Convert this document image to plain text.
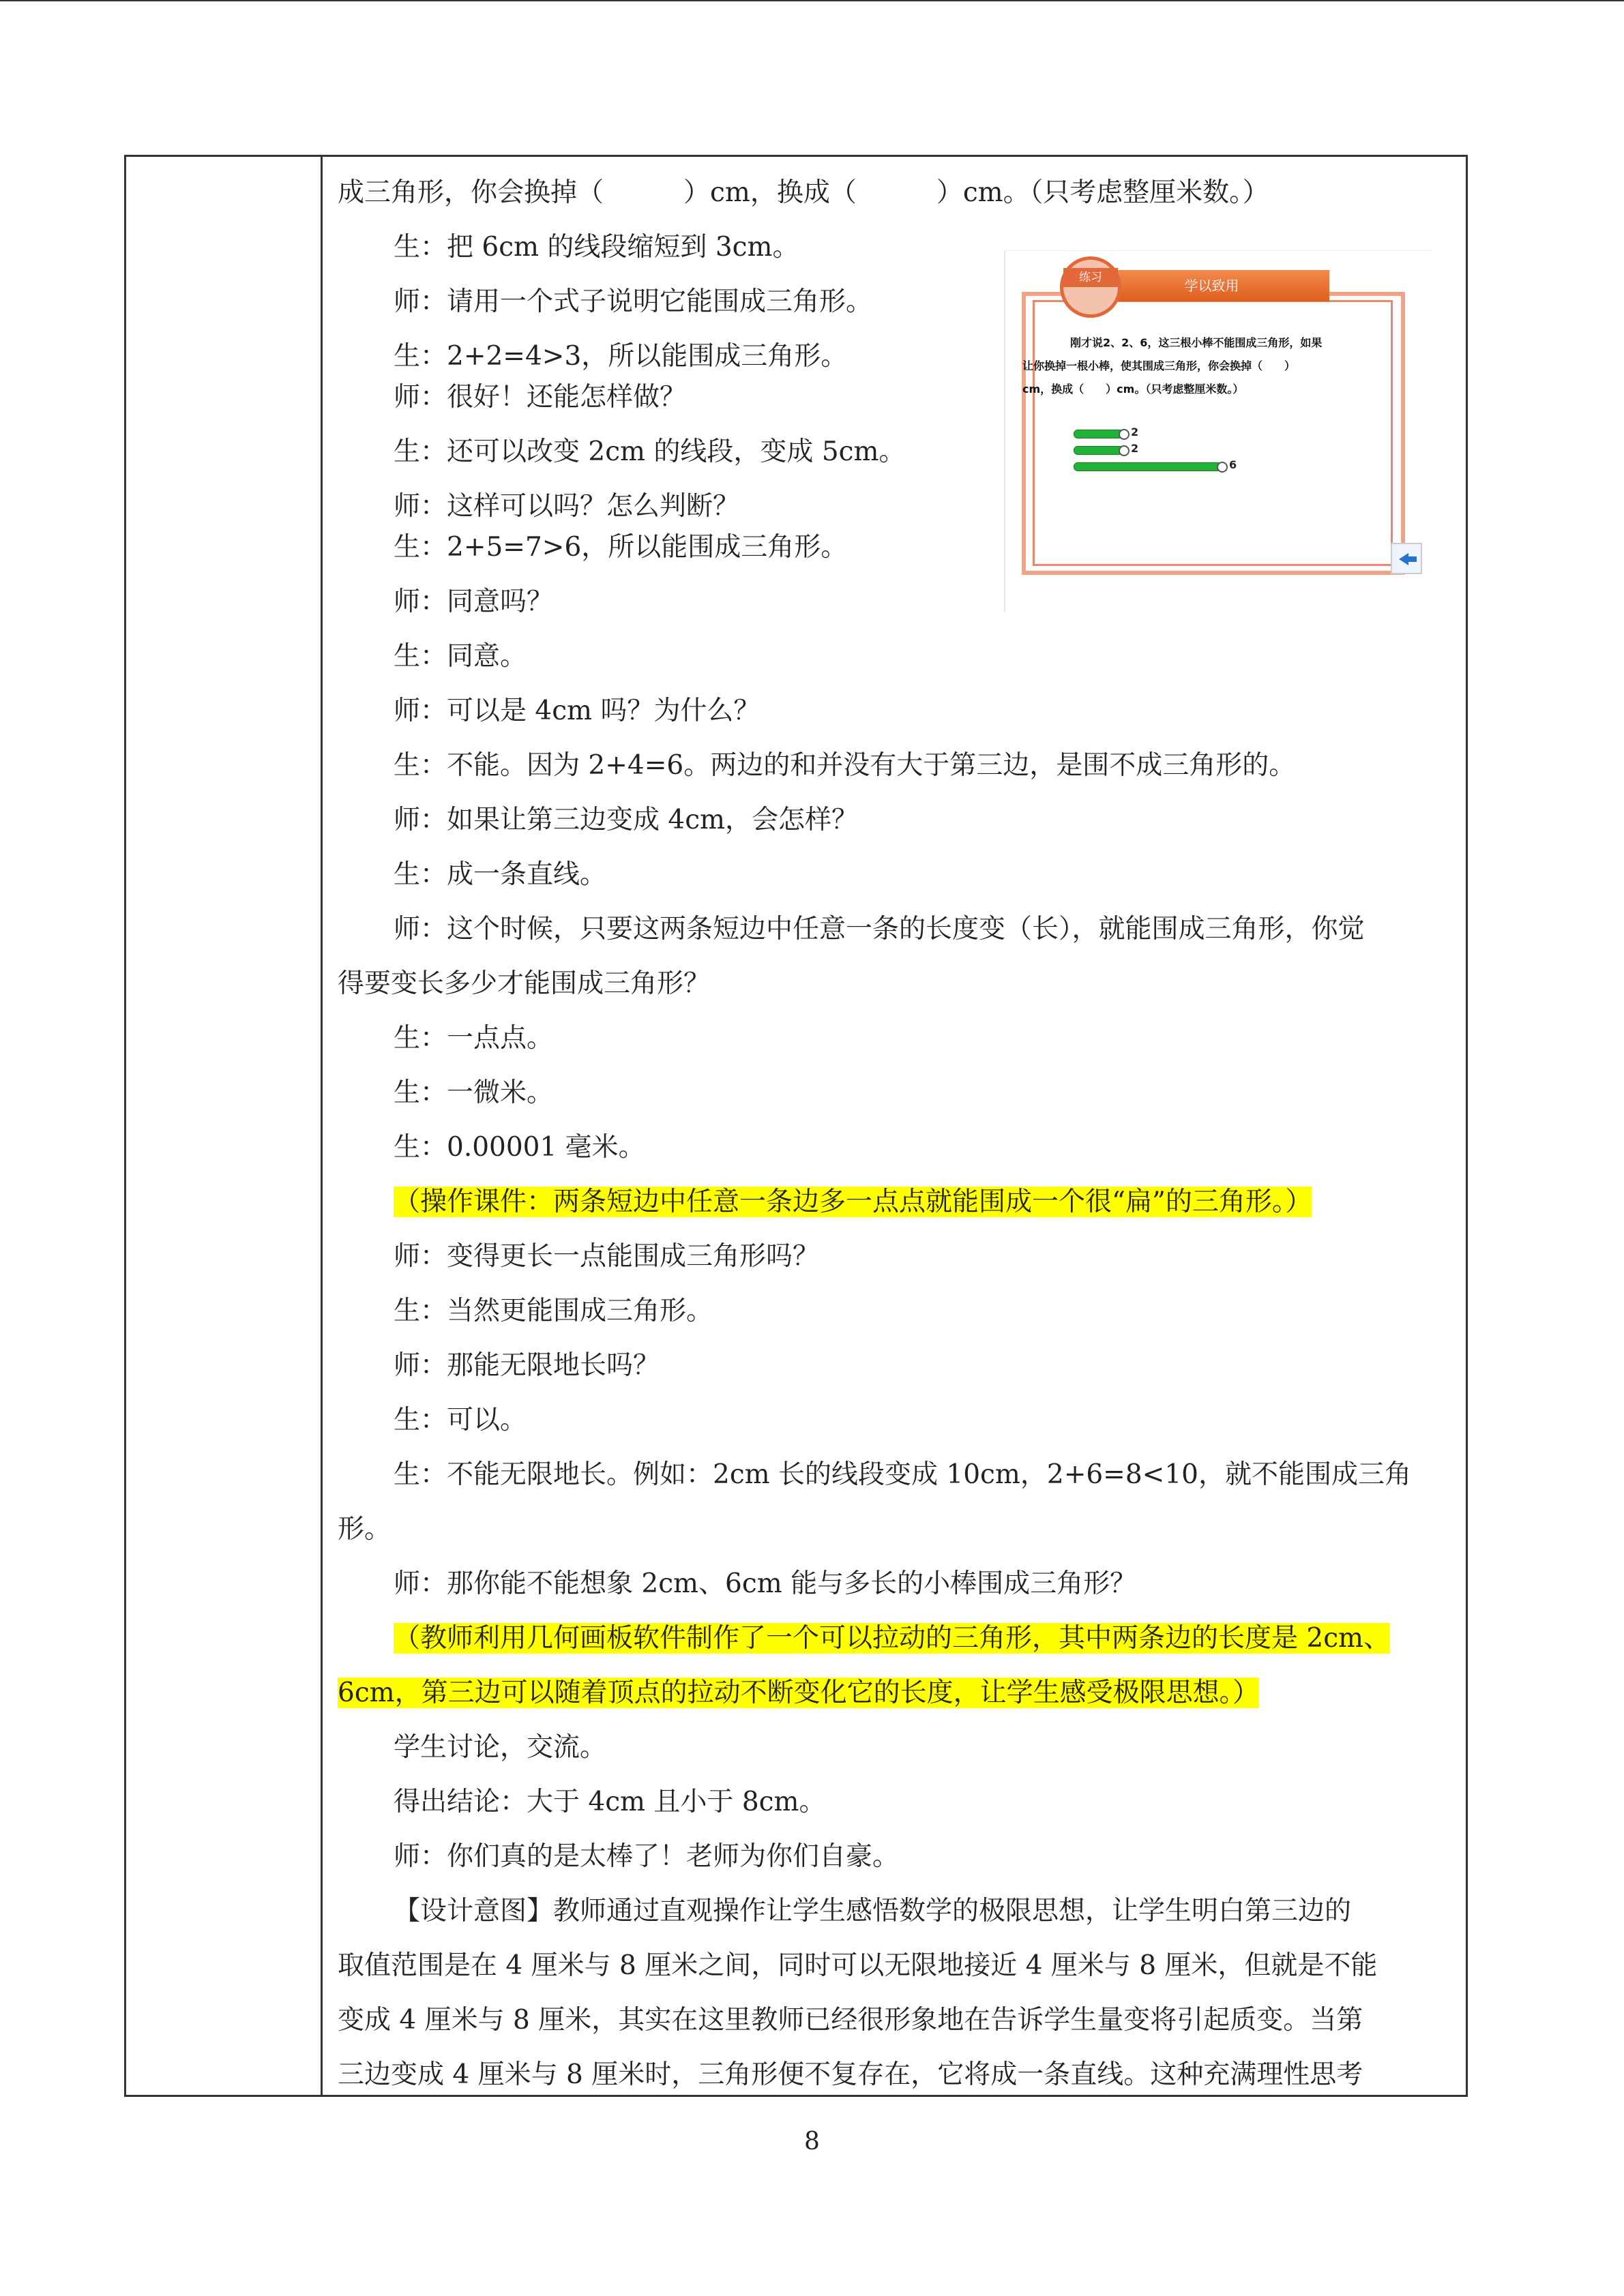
成三角形，你会换掉（　　　）cm，换成（　　　）cm。（只考虑整厘米数。）
生：把 6cm 的线段缩短到 3cm。
师：请用一个式子说明它能围成三角形。
生：2+2=4>3，所以能围成三角形。
师：很好！还能怎样做？
生：还可以改变 2cm 的线段，变成 5cm。
师：这样可以吗？怎么判断？
生：2+5=7>6，所以能围成三角形。
师：同意吗？
生：同意。
师：可以是 4cm 吗？为什么？
生：不能。因为 2+4=6。两边的和并没有大于第三边，是围不成三角形的。
师：如果让第三边变成 4cm，会怎样？
生：成一条直线。
师：这个时候，只要这两条短边中任意一条的长度变（长），就能围成三角形，你觉
得要变长多少才能围成三角形？
生：一点点。
生：一微米。
生：0.00001 毫米。
（操作课件：两条短边中任意一条边多一点点就能围成一个很“扁”的三角形。）
师：变得更长一点能围成三角形吗？
生：当然更能围成三角形。
师：那能无限地长吗？
生：可以。
生：不能无限地长。例如：2cm 长的线段变成 10cm，2+6=8<10，就不能围成三角
形。
师：那你能不能想象 2cm、6cm 能与多长的小棒围成三角形？
（教师利用几何画板软件制作了一个可以拉动的三角形，其中两条边的长度是 2cm、
6cm，第三边可以随着顶点的拉动不断变化它的长度，让学生感受极限思想。）
学生讨论，交流。
得出结论：大于 4cm 且小于 8cm。
师：你们真的是太棒了！老师为你们自豪。
【设计意图】教师通过直观操作让学生感悟数学的极限思想，让学生明白第三边的
取值范围是在 4 厘米与 8 厘米之间，同时可以无限地接近 4 厘米与 8 厘米，但就是不能
变成 4 厘米与 8 厘米，其实在这里教师已经很形象地在告诉学生量变将引起质变。当第
三边变成 4 厘米与 8 厘米时，三角形便不复存在，它将成一条直线。这种充满理性思考
学以致用
练习
刚才说2、2、6，这三根小棒不能围成三角形，如果
让你换掉一根小棒，使其围成三角形，你会换掉（　　）
cm，换成（　　）cm。（只考虑整厘米数。）
2
2
6
8
